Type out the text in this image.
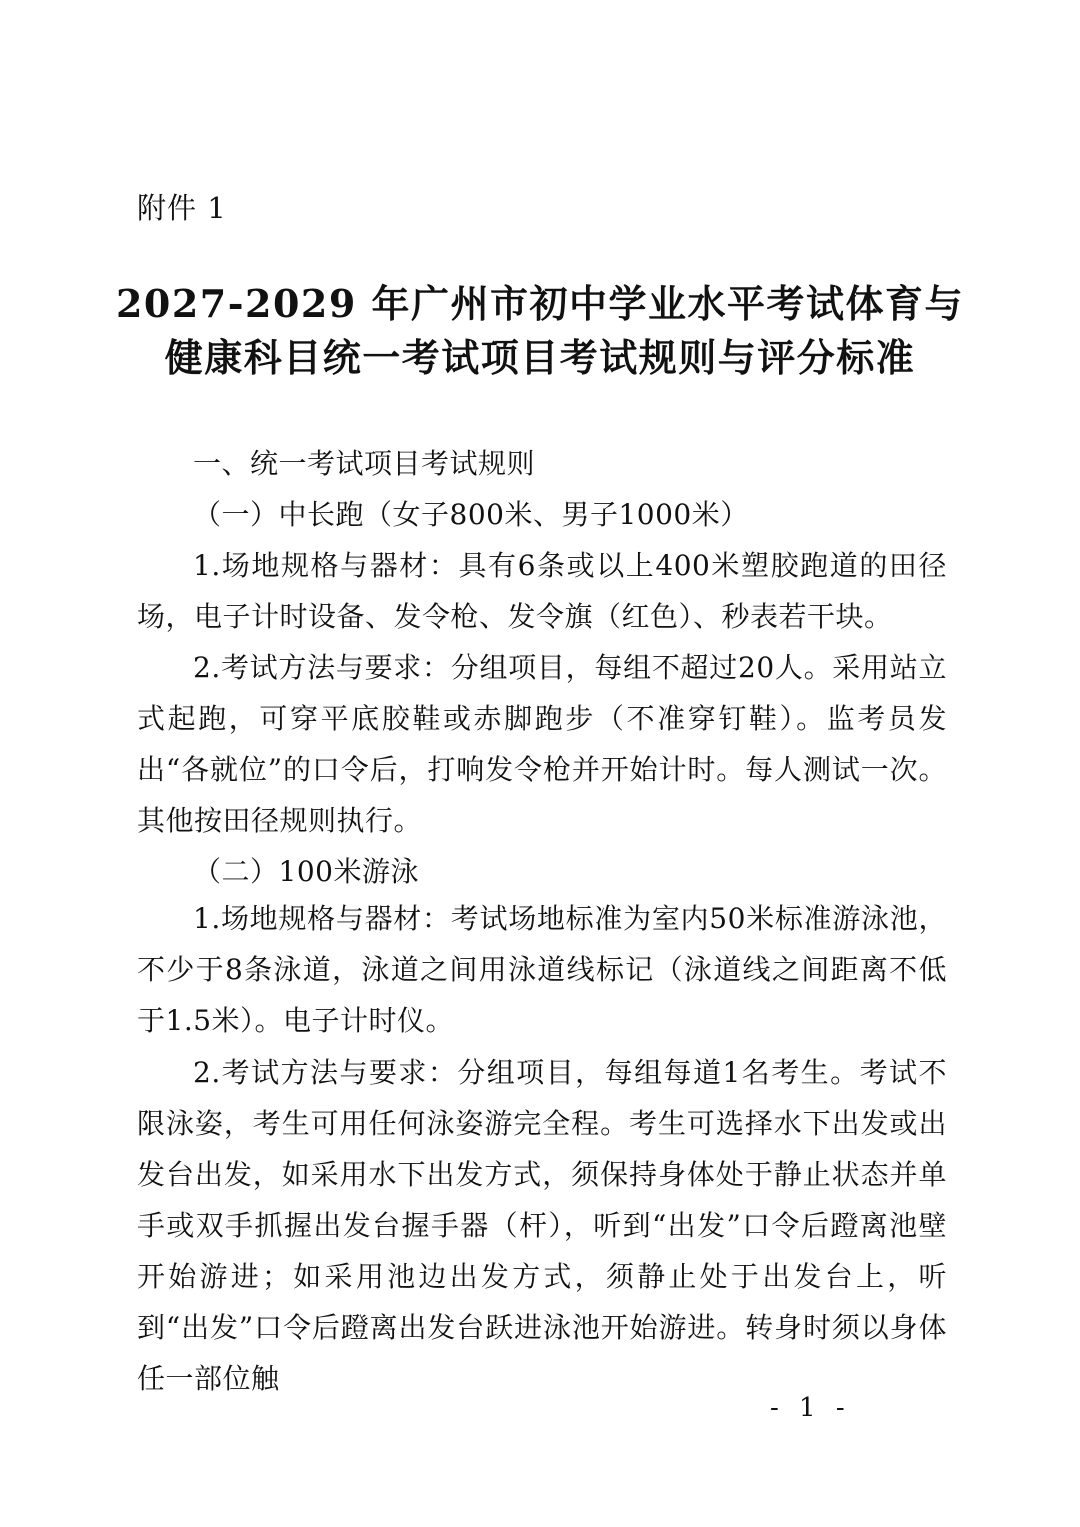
附件 1
2027-2029 年广州市初中学业水平考试体育与
健康科目统一考试项目考试规则与评分标准
一、统一考试项目考试规则
（一）中长跑（女子800米、男子1000米）
1.场地规格与器材：具有6条或以上400米塑胶跑道的田径场，电子计时设备、发令枪、发令旗（红色）、秒表若干块。
2.考试方法与要求：分组项目，每组不超过20人。采用站立式起跑，可穿平底胶鞋或赤脚跑步（不准穿钉鞋）。监考员发出“各就位”的口令后，打响发令枪并开始计时。每人测试一次。其他按田径规则执行。
（二）100米游泳
1.场地规格与器材：考试场地标准为室内50米标准游泳池，不少于8条泳道，泳道之间用泳道线标记（泳道线之间距离不低于1.5米）。电子计时仪。
2.考试方法与要求：分组项目，每组每道1名考生。考试不限泳姿，考生可用任何泳姿游完全程。考生可选择水下出发或出发台出发，如采用水下出发方式，须保持身体处于静止状态并单手或双手抓握出发台握手器（杆），听到“出发”口令后蹬离池壁开始游进；如采用池边出发方式，须静止处于出发台上，听到“出发”口令后蹬离出发台跃进泳池开始游进。转身时须以身体任一部位触
- 1 -
